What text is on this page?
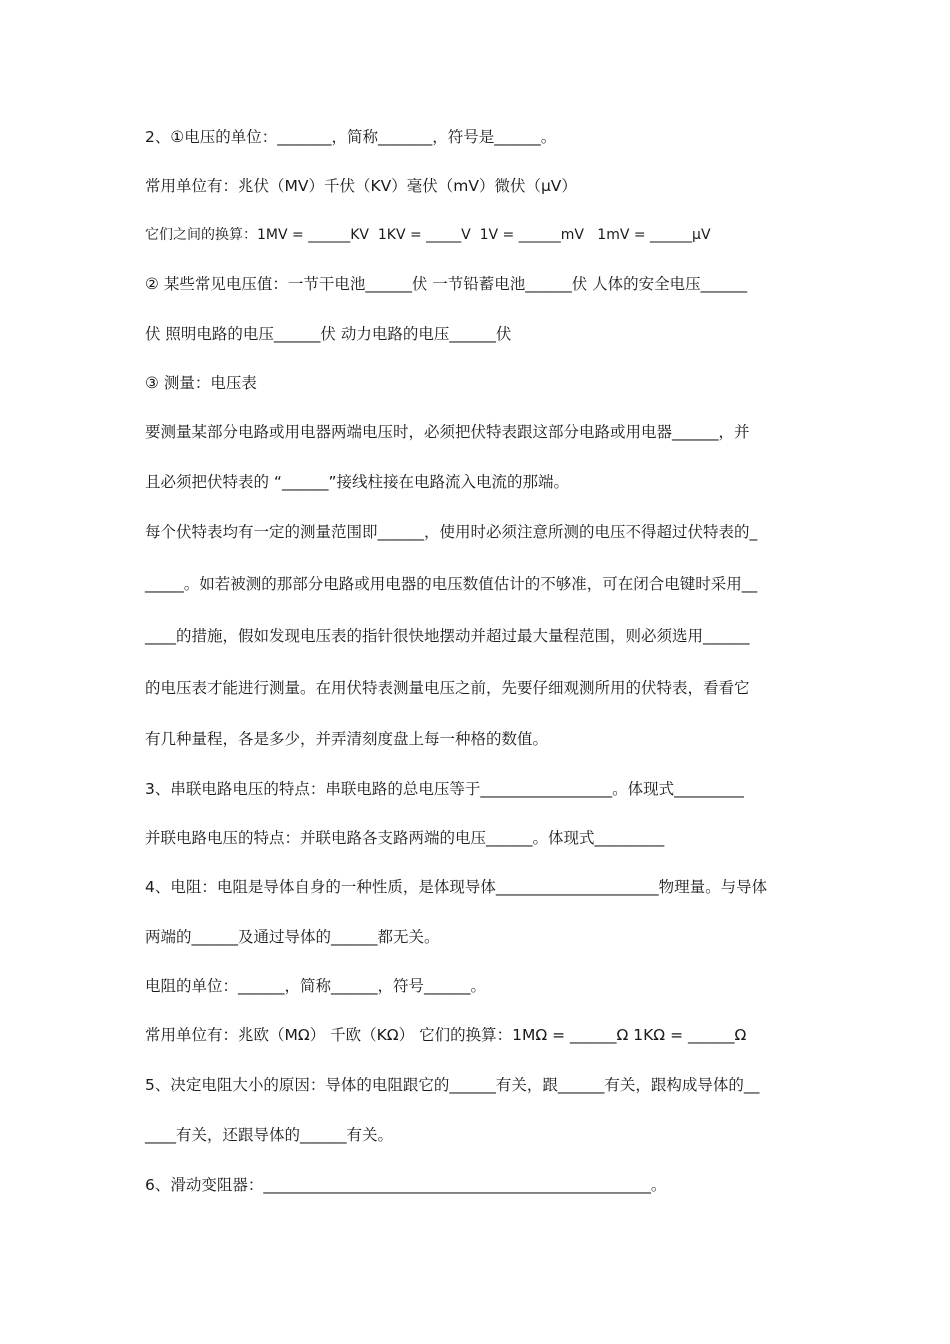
2、①电压的单位：_______，简称_______，符号是______。
常用单位有：兆伏（MV）千伏（KV）毫伏（mV）微伏（μV）
它们之间的换算：1MV = ______KV  1KV = _____V  1V = ______mV   1mV = ______μV
② 某些常见电压值：一节干电池______伏 一节铅蓄电池______伏 人体的安全电压______
伏 照明电路的电压______伏 动力电路的电压______伏
③ 测量：电压表
要测量某部分电路或用电器两端电压时，必须把伏特表跟这部分电路或用电器______，并
且必须把伏特表的 “______”接线柱接在电路流入电流的那端。
每个伏特表均有一定的测量范围即______，使用时必须注意所测的电压不得超过伏特表的_
_____。如若被测的那部分电路或用电器的电压数值估计的不够准，可在闭合电键时采用__
____的措施，假如发现电压表的指针很快地摆动并超过最大量程范围，则必须选用______
的电压表才能进行测量。在用伏特表测量电压之前，先要仔细观测所用的伏特表，看看它
有几种量程，各是多少，并弄清刻度盘上每一种格的数值。
3、串联电路电压的特点：串联电路的总电压等于_________________。体现式_________
并联电路电压的特点：并联电路各支路两端的电压______。体现式_________
4、电阻：电阻是导体自身的一种性质，是体现导体_____________________物理量。与导体
两端的______及通过导体的______都无关。
电阻的单位：______，简称______，符号______。
常用单位有：兆欧（MΩ） 千欧（KΩ） 它们的换算：1MΩ = ______Ω 1KΩ = ______Ω
5、决定电阻大小的原因：导体的电阻跟它的______有关，跟______有关，跟构成导体的__
____有关，还跟导体的______有关。
6、滑动变阻器：__________________________________________________。
